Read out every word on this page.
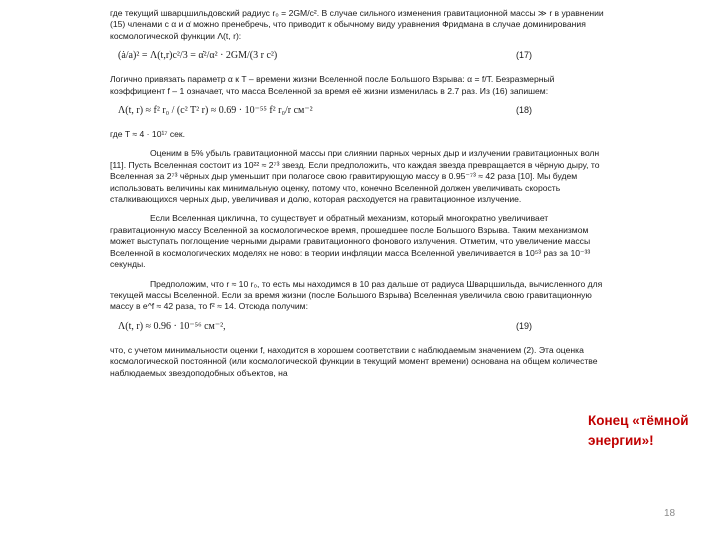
где текущий шварцшильдовский радиус r₀ = 2GM/c². В случае сильного изменения гравитационной массы ≫ r в уравнении (15) членами с α и α̇ можно пренебречь, что приводит к обычному виду уравнения Фридмана в случае доминирования космологической функции Λ(t, r):

(ȧ/a)² = Λ(t,r)c²/3 = α̇²/α² · 2GM/(3 r c²)	(17)

Логично привязать параметр α к T – времени жизни Вселенной после Большого Взрыва: α = f/T. Безразмерный коэффициент f – 1 означает, что масса Вселенной за время её жизни изменилась в 2.7 раз. Из (16) запишем:

Λ(t, r) ≈ f² r₀ / (c² T² r) ≈ 0.69 · 10⁻⁵⁵ f² r₀/r см⁻²	(18)

где T ≈ 4 · 10¹⁷ сек.

Оценим в 5% убыль гравитационной массы при слиянии парных черных дыр и излучении гравитационных волн [11]. Пусть Вселенная состоит из 10²² ≈ 2⁷³ звезд. Если предположить, что каждая звезда превращается в чёрную дыру, то Вселенная за 2⁷³ чёрных дыр уменьшит при полагосе свою гравитирующую массу в 0.95⁻⁷³ ≈ 42 раза [10]. Мы будем использовать величины как минимальную оценку, потому что, конечно Вселенной должен увеличивать скорость сталкивающихся черных дыр, увеличивая и долю, которая расходуется на гравитационное излучение.

Если Вселенная циклична, то существует и обратный механизм, который многократно увеличивает гравитационную массу Вселенной за космологическое время, прошедшее после Большого Взрыва. Таким механизмом может выступать поглощение черными дырами гравитационного фонового излучения. Отметим, что увеличение массы Вселенной в космологических моделях не ново: в теории инфляции масса Вселенной увеличивается в 10⁵³ раз за 10⁻³³ секунды.

Предположим, что r ≈ 10 r₀, то есть мы находимся в 10 раз дальше от радиуса Шварцшильда, вычисленного для текущей массы Вселенной. Если за время жизни (после Большого Взрыва) Вселенная увеличила свою гравитационную массу в e^f ≈ 42 раза, то f² ≈ 14. Отсюда получим:

Λ(t, r) ≈ 0.96 · 10⁻⁵⁶ см⁻²,	(19)

что, с учетом минимальности оценки f, находится в хорошем соответствии с наблюдаемым значением (2). Эта оценка космологической постоянной (или космологической функции в текущий момент времени) основана на общем количестве наблюдаемых звездоподобных объектов, на

Конец «тёмной энергии»!
18
